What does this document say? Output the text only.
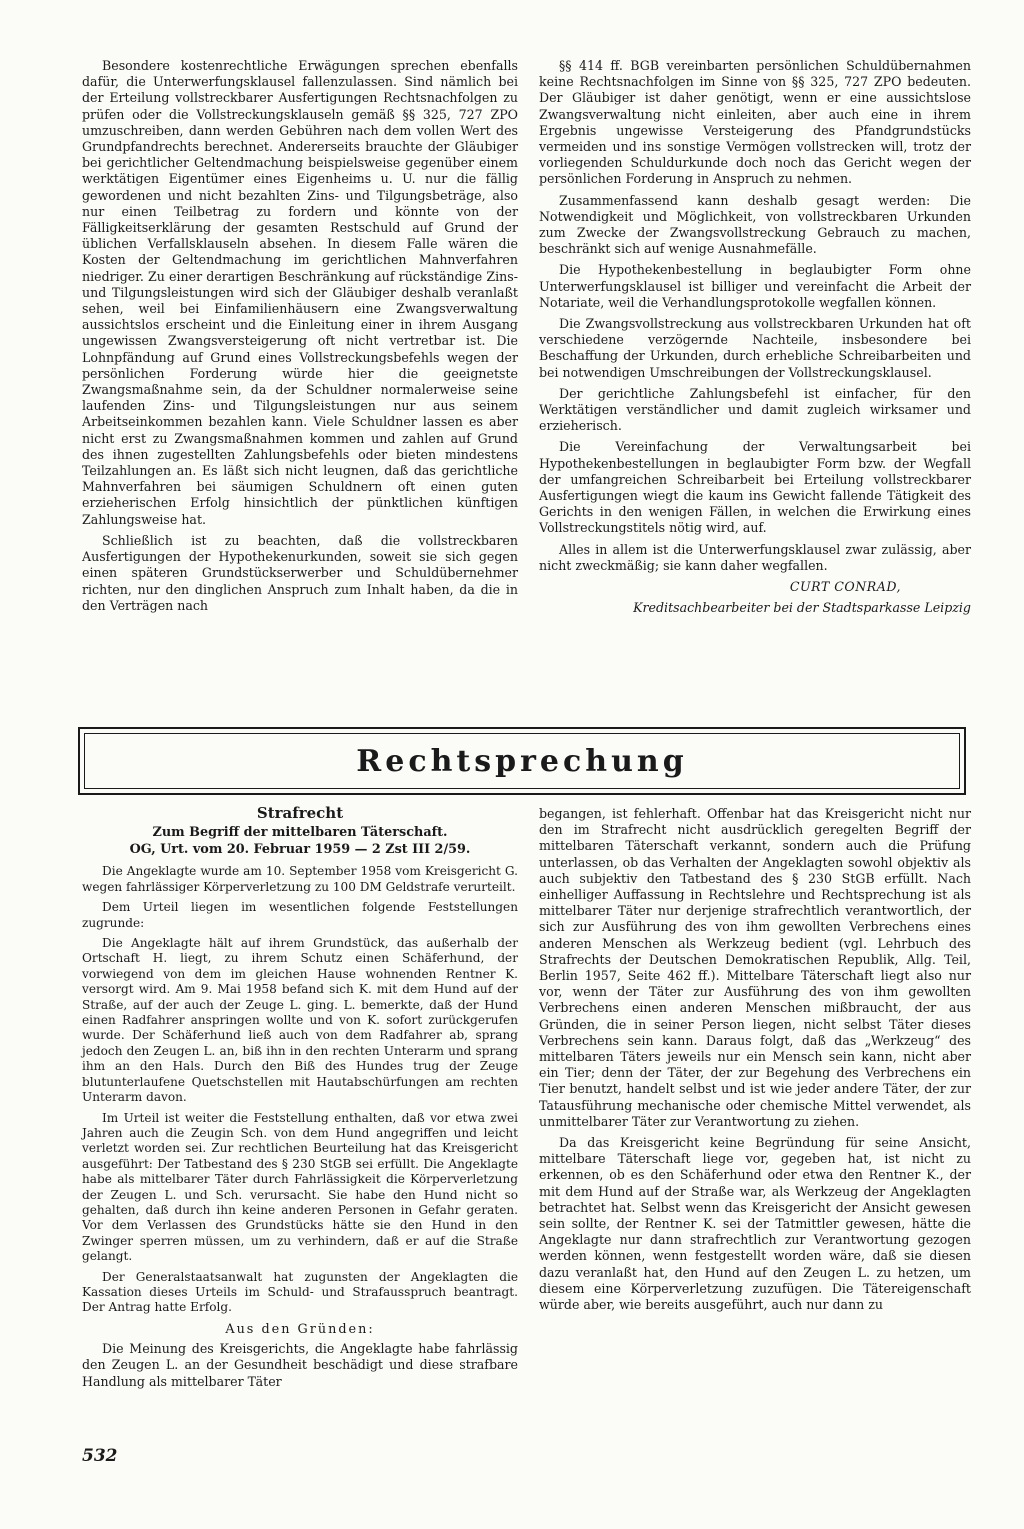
Besondere kostenrechtliche Erwägungen sprechen ebenfalls dafür, die Unterwerfungsklausel fallenzulassen. Sind nämlich bei der Erteilung vollstreckbarer Ausfertigungen Rechtsnachfolgen zu prüfen oder die Vollstreckungsklauseln gemäß §§ 325, 727 ZPO umzuschreiben, dann werden Gebühren nach dem vollen Wert des Grundpfandrechts berechnet. Andererseits brauchte der Gläubiger bei gerichtlicher Geltendmachung beispielsweise gegenüber einem werktätigen Eigentümer eines Eigenheims u. U. nur die fällig gewordenen und nicht bezahlten Zins- und Tilgungsbeträge, also nur einen Teilbetrag zu fordern und könnte von der Fälligkeitserklärung der gesamten Restschuld auf Grund der üblichen Verfallsklauseln absehen. In diesem Falle wären die Kosten der Geltendmachung im gerichtlichen Mahnverfahren niedriger. Zu einer derartigen Beschränkung auf rückständige Zins- und Tilgungsleistungen wird sich der Gläubiger deshalb veranlaßt sehen, weil bei Einfamilienhäusern eine Zwangsverwaltung aussichtslos erscheint und die Einleitung einer in ihrem Ausgang ungewissen Zwangsversteigerung oft nicht vertretbar ist. Die Lohnpfändung auf Grund eines Vollstreckungsbefehls wegen der persönlichen Forderung würde hier die geeignetste Zwangsmaßnahme sein, da der Schuldner normalerweise seine laufenden Zins- und Tilgungsleistungen nur aus seinem Arbeitseinkommen bezahlen kann. Viele Schuldner lassen es aber nicht erst zu Zwangsmaßnahmen kommen und zahlen auf Grund des ihnen zugestellten Zahlungsbefehls oder bieten mindestens Teilzahlungen an. Es läßt sich nicht leugnen, daß das gerichtliche Mahnverfahren bei säumigen Schuldnern oft einen guten erzieherischen Erfolg hinsichtlich der pünktlichen künftigen Zahlungsweise hat.

Schließlich ist zu beachten, daß die vollstreckbaren Ausfertigungen der Hypothekenurkunden, soweit sie sich gegen einen späteren Grundstückserwerber und Schuldübernehmer richten, nur den dinglichen Anspruch zum Inhalt haben, da die in den Verträgen nach

§§ 414 ff. BGB vereinbarten persönlichen Schuldübernahmen keine Rechtsnachfolgen im Sinne von §§ 325, 727 ZPO bedeuten. Der Gläubiger ist daher genötigt, wenn er eine aussichtslose Zwangsverwaltung nicht einleiten, aber auch eine in ihrem Ergebnis ungewisse Versteigerung des Pfandgrundstücks vermeiden und ins sonstige Vermögen vollstrecken will, trotz der vorliegenden Schuldurkunde doch noch das Gericht wegen der persönlichen Forderung in Anspruch zu nehmen.

Zusammenfassend kann deshalb gesagt werden: Die Notwendigkeit und Möglichkeit, von vollstreckbaren Urkunden zum Zwecke der Zwangsvollstreckung Gebrauch zu machen, beschränkt sich auf wenige Ausnahmefälle.

Die Hypothekenbestellung in beglaubigter Form ohne Unterwerfungsklausel ist billiger und vereinfacht die Arbeit der Notariate, weil die Verhandlungsprotokolle wegfallen können.

Die Zwangsvollstreckung aus vollstreckbaren Urkunden hat oft verschiedene verzögernde Nachteile, insbesondere bei Beschaffung der Urkunden, durch erhebliche Schreibarbeiten und bei notwendigen Umschreibungen der Vollstreckungsklausel.

Der gerichtliche Zahlungsbefehl ist einfacher, für den Werktätigen verständlicher und damit zugleich wirksamer und erzieherisch.

Die Vereinfachung der Verwaltungsarbeit bei Hypothekenbestellungen in beglaubigter Form bzw. der Wegfall der umfangreichen Schreibarbeit bei Erteilung vollstreckbarer Ausfertigungen wiegt die kaum ins Gewicht fallende Tätigkeit des Gerichts in den wenigen Fällen, in welchen die Erwirkung eines Vollstreckungstitels nötig wird, auf.

Alles in allem ist die Unterwerfungsklausel zwar zulässig, aber nicht zweckmäßig; sie kann daher wegfallen.

CURT CONRAD,

Kreditsachbearbeiter bei der Stadtsparkasse Leipzig

Rechtsprechung
Strafrecht
Zum Begriff der mittelbaren Täterschaft.
OG, Urt. vom 20. Februar 1959 — 2 Zst III 2/59.

Die Angeklagte wurde am 10. September 1958 vom Kreisgericht G. wegen fahrlässiger Körperverletzung zu 100 DM Geldstrafe verurteilt.

Dem Urteil liegen im wesentlichen folgende Feststellungen zugrunde:

Die Angeklagte hält auf ihrem Grundstück, das außerhalb der Ortschaft H. liegt, zu ihrem Schutz einen Schäferhund, der vorwiegend von dem im gleichen Hause wohnenden Rentner K. versorgt wird. Am 9. Mai 1958 befand sich K. mit dem Hund auf der Straße, auf der auch der Zeuge L. ging. L. bemerkte, daß der Hund einen Radfahrer anspringen wollte und von K. sofort zurückgerufen wurde. Der Schäferhund ließ auch von dem Radfahrer ab, sprang jedoch den Zeugen L. an, biß ihn in den rechten Unterarm und sprang ihm an den Hals. Durch den Biß des Hundes trug der Zeuge blutunterlaufene Quetschstellen mit Hautabschürfungen am rechten Unterarm davon.

Im Urteil ist weiter die Feststellung enthalten, daß vor etwa zwei Jahren auch die Zeugin Sch. von dem Hund angegriffen und leicht verletzt worden sei. Zur rechtlichen Beurteilung hat das Kreisgericht ausgeführt: Der Tatbestand des § 230 StGB sei erfüllt. Die Angeklagte habe als mittelbarer Täter durch Fahrlässigkeit die Körperverletzung der Zeugen L. und Sch. verursacht. Sie habe den Hund nicht so gehalten, daß durch ihn keine anderen Personen in Gefahr geraten. Vor dem Verlassen des Grundstücks hätte sie den Hund in den Zwinger sperren müssen, um zu verhindern, daß er auf die Straße gelangt.

Der Generalstaatsanwalt hat zugunsten der Angeklagten die Kassation dieses Urteils im Schuld- und Strafausspruch beantragt. Der Antrag hatte Erfolg.

Aus den Gründen:

Die Meinung des Kreisgerichts, die Angeklagte habe fahrlässig den Zeugen L. an der Gesundheit beschädigt und diese strafbare Handlung als mittelbarer Täter

begangen, ist fehlerhaft. Offenbar hat das Kreisgericht nicht nur den im Strafrecht nicht ausdrücklich geregelten Begriff der mittelbaren Täterschaft verkannt, sondern auch die Prüfung unterlassen, ob das Verhalten der Angeklagten sowohl objektiv als auch subjektiv den Tatbestand des § 230 StGB erfüllt. Nach einhelliger Auffassung in Rechtslehre und Rechtsprechung ist als mittelbarer Täter nur derjenige strafrechtlich verantwortlich, der sich zur Ausführung des von ihm gewollten Verbrechens eines anderen Menschen als Werkzeug bedient (vgl. Lehrbuch des Strafrechts der Deutschen Demokratischen Republik, Allg. Teil, Berlin 1957, Seite 462 ff.). Mittelbare Täterschaft liegt also nur vor, wenn der Täter zur Ausführung des von ihm gewollten Verbrechens einen anderen Menschen mißbraucht, der aus Gründen, die in seiner Person liegen, nicht selbst Täter dieses Verbrechens sein kann. Daraus folgt, daß das „Werkzeug“ des mittelbaren Täters jeweils nur ein Mensch sein kann, nicht aber ein Tier; denn der Täter, der zur Begehung des Verbrechens ein Tier benutzt, handelt selbst und ist wie jeder andere Täter, der zur Tatausführung mechanische oder chemische Mittel verwendet, als unmittelbarer Täter zur Verantwortung zu ziehen.

Da das Kreisgericht keine Begründung für seine Ansicht, mittelbare Täterschaft liege vor, gegeben hat, ist nicht zu erkennen, ob es den Schäferhund oder etwa den Rentner K., der mit dem Hund auf der Straße war, als Werkzeug der Angeklagten betrachtet hat. Selbst wenn das Kreisgericht der Ansicht gewesen sein sollte, der Rentner K. sei der Tatmittler gewesen, hätte die Angeklagte nur dann strafrechtlich zur Verantwortung gezogen werden können, wenn festgestellt worden wäre, daß sie diesen dazu veranlaßt hat, den Hund auf den Zeugen L. zu hetzen, um diesem eine Körperverletzung zuzufügen. Die Tätereigenschaft würde aber, wie bereits ausgeführt, auch nur dann zu

532
